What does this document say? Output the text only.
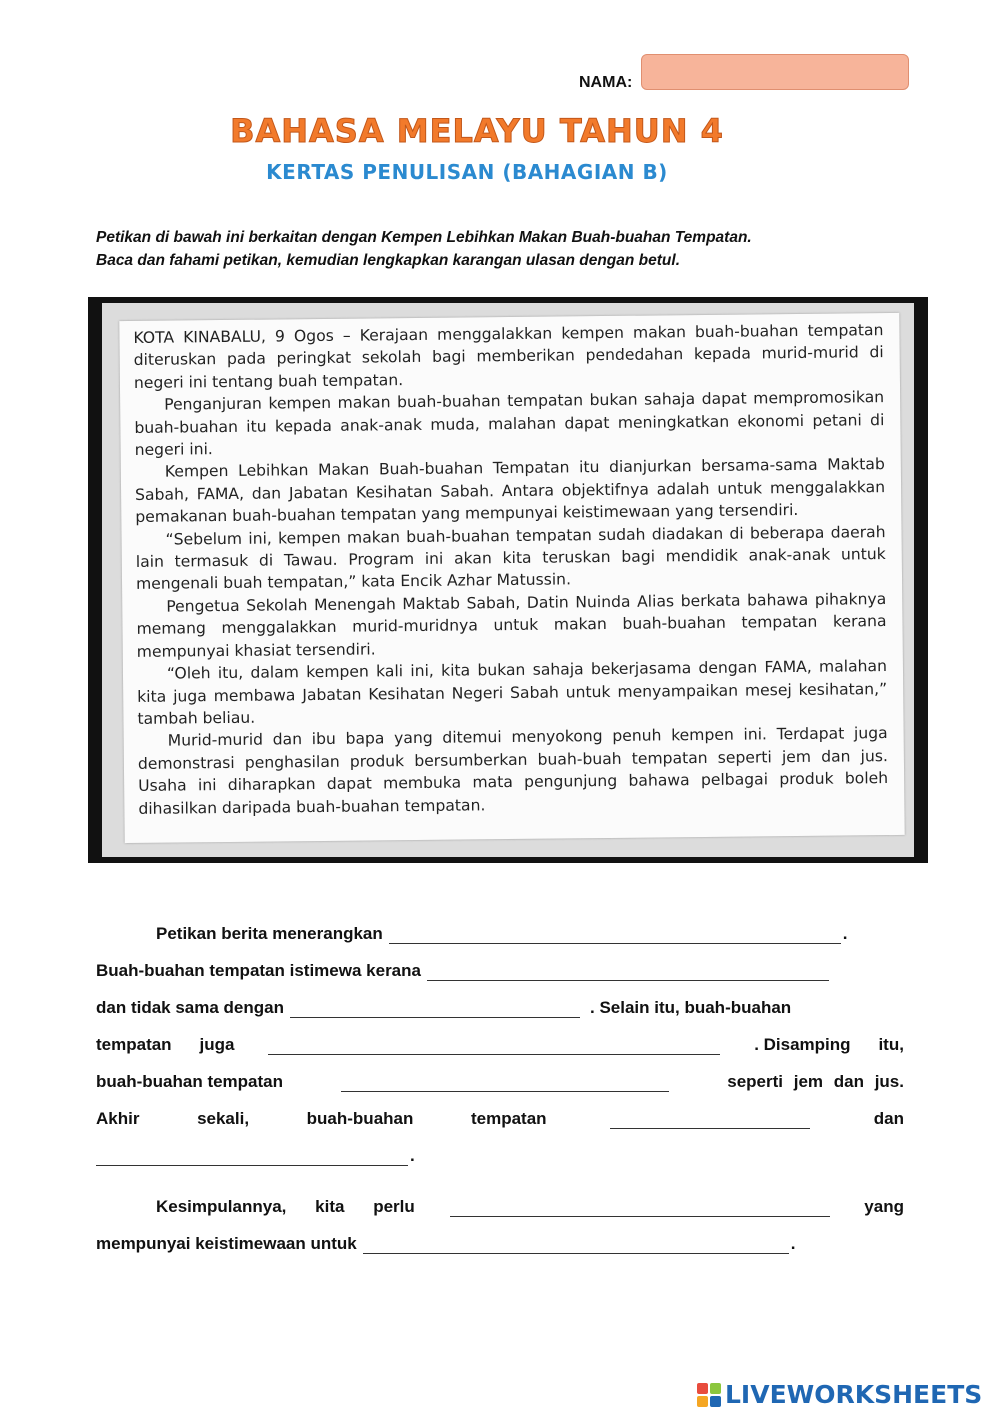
NAMA:
BAHASA MELAYU TAHUN 4
KERTAS PENULISAN (BAHAGIAN B)
Petikan di bawah ini berkaitan dengan Kempen Lebihkan Makan Buah-buahan Tempatan.
Baca dan fahami petikan, kemudian lengkapkan karangan ulasan dengan betul.

KOTA KINABALU, 9 Ogos – Kerajaan menggalakkan kempen makan buah-buahan tempatan diteruskan pada peringkat sekolah bagi memberikan pendedahan kepada murid-murid di negeri ini tentang buah tempatan.

Penganjuran kempen makan buah-buahan tempatan bukan sahaja dapat mempromosikan buah-buahan itu kepada anak-anak muda, malahan dapat meningkatkan ekonomi petani di negeri ini.

Kempen Lebihkan Makan Buah-buahan Tempatan itu dianjurkan bersama-sama Maktab Sabah, FAMA, dan Jabatan Kesihatan Sabah. Antara objektifnya adalah untuk menggalakkan pemakanan buah-buahan tempatan yang mempunyai keistimewaan yang tersendiri.

“Sebelum ini, kempen makan buah-buahan tempatan sudah diadakan di beberapa daerah lain termasuk di Tawau. Program ini akan kita teruskan bagi mendidik anak-anak untuk mengenali buah tempatan,” kata Encik Azhar Matussin.

Pengetua Sekolah Menengah Maktab Sabah, Datin Nuinda Alias berkata bahawa pihaknya memang menggalakkan murid-muridnya untuk makan buah-buahan tempatan kerana mempunyai khasiat tersendiri.

“Oleh itu, dalam kempen kali ini, kita bukan sahaja bekerjasama dengan FAMA, malahan kita juga membawa Jabatan Kesihatan Negeri Sabah untuk menyampaikan mesej kesihatan,” tambah beliau.

Murid-murid dan ibu bapa yang ditemui menyokong penuh kempen ini. Terdapat juga demonstrasi penghasilan produk bersumberkan buah-buah tempatan seperti jem dan jus. Usaha ini diharapkan dapat membuka mata pengunjung bahawa pelbagai produk boleh dihasilkan daripada buah-buahan tempatan.

Petikan berita menerangkan	.
Buah-buahan tempatan istimewa kerana
dan tidak sama dengan	. Selain itu, buah-buahan
tempatan juga	. Disamping itu,
buah-buahan tempatan	seperti jem dan jus.
Akhir	sekali,	buah-buahan	tempatan	dan
.
Kesimpulannya, kita perlu	yang
mempunyai keistimewaan untuk	.
LIVEWORKSHEETS
